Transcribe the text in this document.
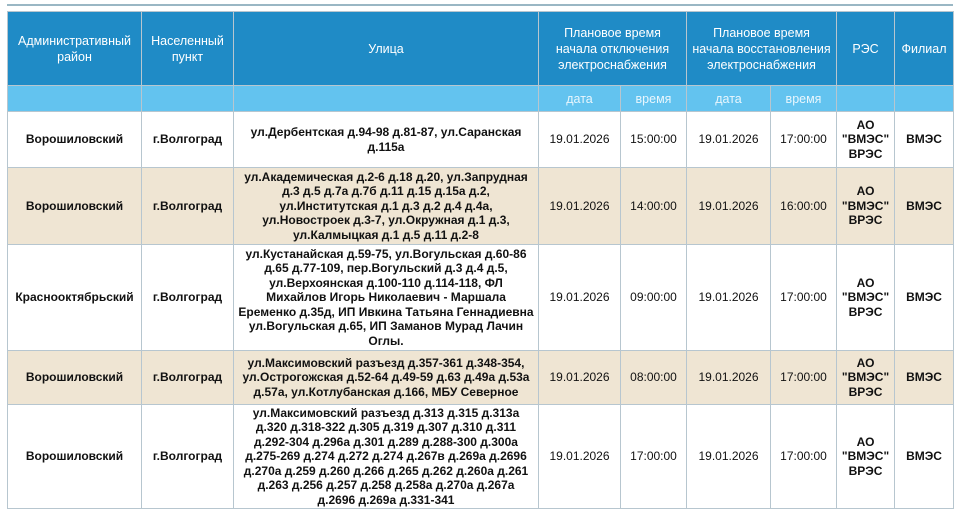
Административный район	Населенный пункт	Улица	Плановое время начала отключения электроснабжения		Плановое время начала восстановления электроснабжения		РЭС	Филиал
			дата	время	дата	время		
Ворошиловский	г.Волгоград	ул.Дербентская д.94-98 д.81-87, ул.Саранская д.115а	19.01.2026	15:00:00	19.01.2026	17:00:00	АО "ВМЭС" ВРЭС	ВМЭС
Ворошиловский	г.Волгоград	ул.Академическая д.2-6 д.18 д.20, ул.Запрудная д.3 д.5 д.7а д.7б д.11 д.15 д.15а д.2, ул.Институтская д.1 д.3 д.2 д.4 д.4а, ул.Новостроек д.3-7, ул.Окружная д.1 д.3, ул.Калмыцкая д.1 д.5 д.11 д.2-8	19.01.2026	14:00:00	19.01.2026	16:00:00	АО "ВМЭС" ВРЭС	ВМЭС
Краснооктябрьский	г.Волгоград	ул.Кустанайская д.59-75, ул.Вогульская д.60-86 д.65 д.77-109, пер.Вогульский д.3 д.4 д.5, ул.Верхоянская д.100-110 д.114-118, ФЛ Михайлов Игорь Николаевич - Маршала Еременко д.35д, ИП Ивкина Татьяна Геннадиевна ул.Вогульская д.65, ИП Заманов Мурад Лачин Оглы.	19.01.2026	09:00:00	19.01.2026	17:00:00	АО "ВМЭС" ВРЭС	ВМЭС
Ворошиловский	г.Волгоград	ул.Максимовский разъезд д.357-361 д.348-354, ул.Острогожская д.52-64 д.49-59 д.63 д.49а д.53а д.57а, ул.Котлубанская д.166, МБУ Северное	19.01.2026	08:00:00	19.01.2026	17:00:00	АО "ВМЭС" ВРЭС	ВМЭС
Ворошиловский	г.Волгоград	ул.Максимовский разъезд д.313 д.315 д.313а д.320 д.318-322 д.305 д.319 д.307 д.310 д.311 д.292-304 д.296а д.301 д.289 д.288-300 д.300а д.275-269 д.274 д.272 д.274 д.267в д.269а д.2696 д.270а д.259 д.260 д.266 д.265 д.262 д.260а д.261 д.263 д.256 д.257 д.258 д.258а д.270а д.267а д.2696 д.269а д.331-341	19.01.2026	17:00:00	19.01.2026	17:00:00	АО "ВМЭС" ВРЭС	ВМЭС
